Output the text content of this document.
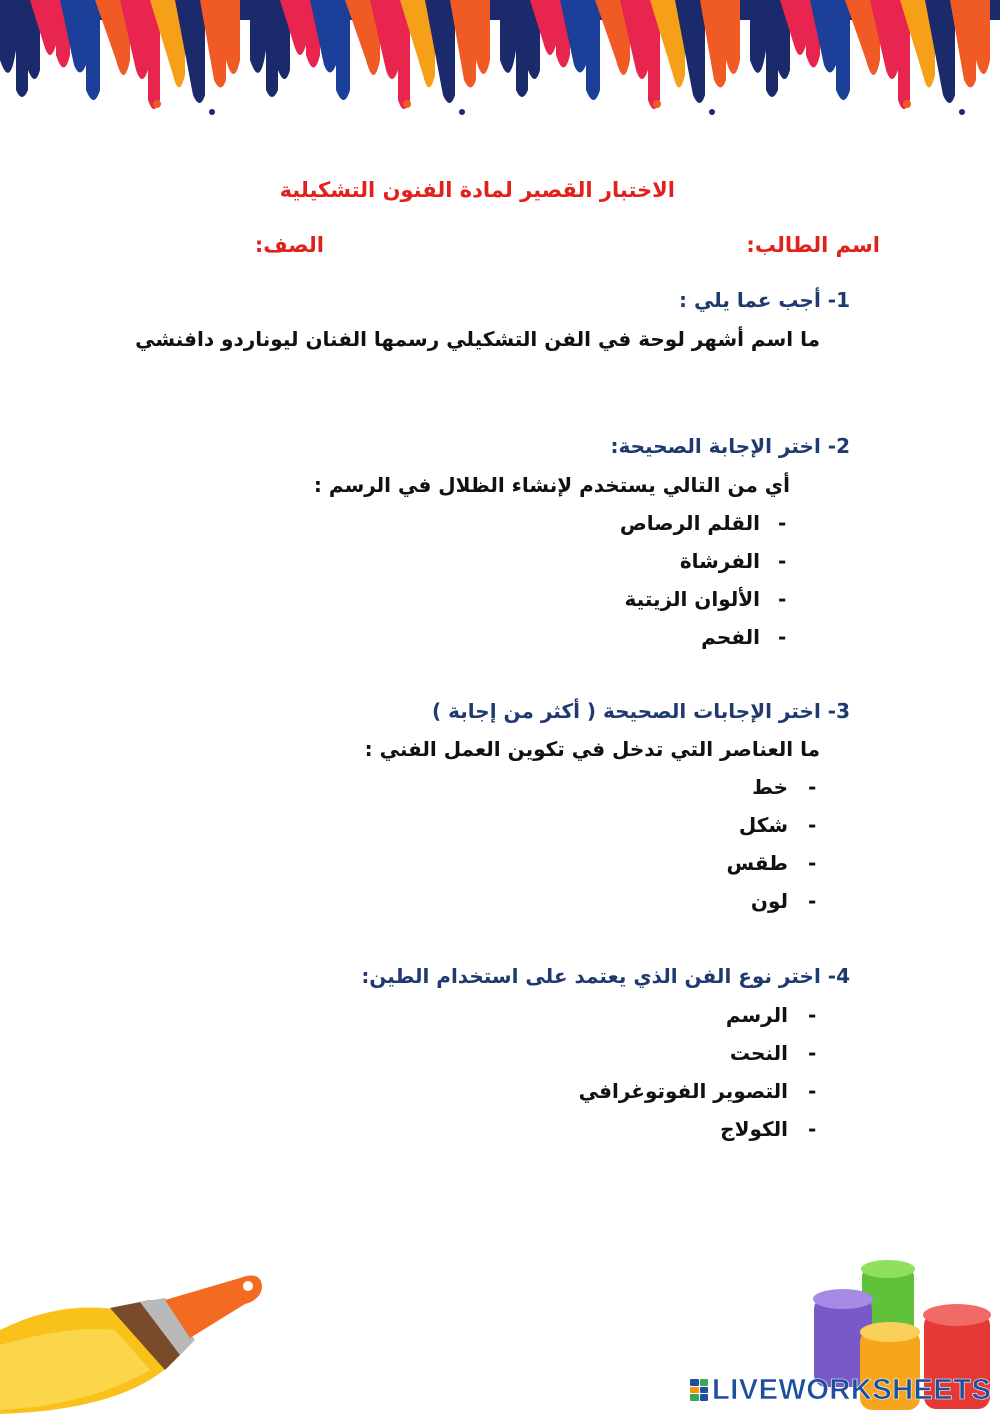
الاختبار القصير لمادة الفنون التشكيلية
اسم الطالب:
الصف:
1- أجب عما يلي :
ما اسم أشهر لوحة في الفن التشكيلي رسمها الفنان ليوناردو دافنشي
2- اختر الإجابة الصحيحة:
أي من التالي يستخدم لإنشاء الظلال في الرسم :
-
القلم الرصاص
-
الفرشاة
-
الألوان الزيتية
-
الفحم
3- اختر الإجابات الصحيحة ( أكثر من إجابة )
ما العناصر التي تدخل في تكوين العمل الفني :
-
خط
-
شكل
-
طقس
-
لون
4- اختر نوع الفن الذي يعتمد على استخدام الطين:
-
الرسم
-
النحت
-
التصوير الفوتوغرافي
-
الكولاج
LIVEWORKSHEETS
